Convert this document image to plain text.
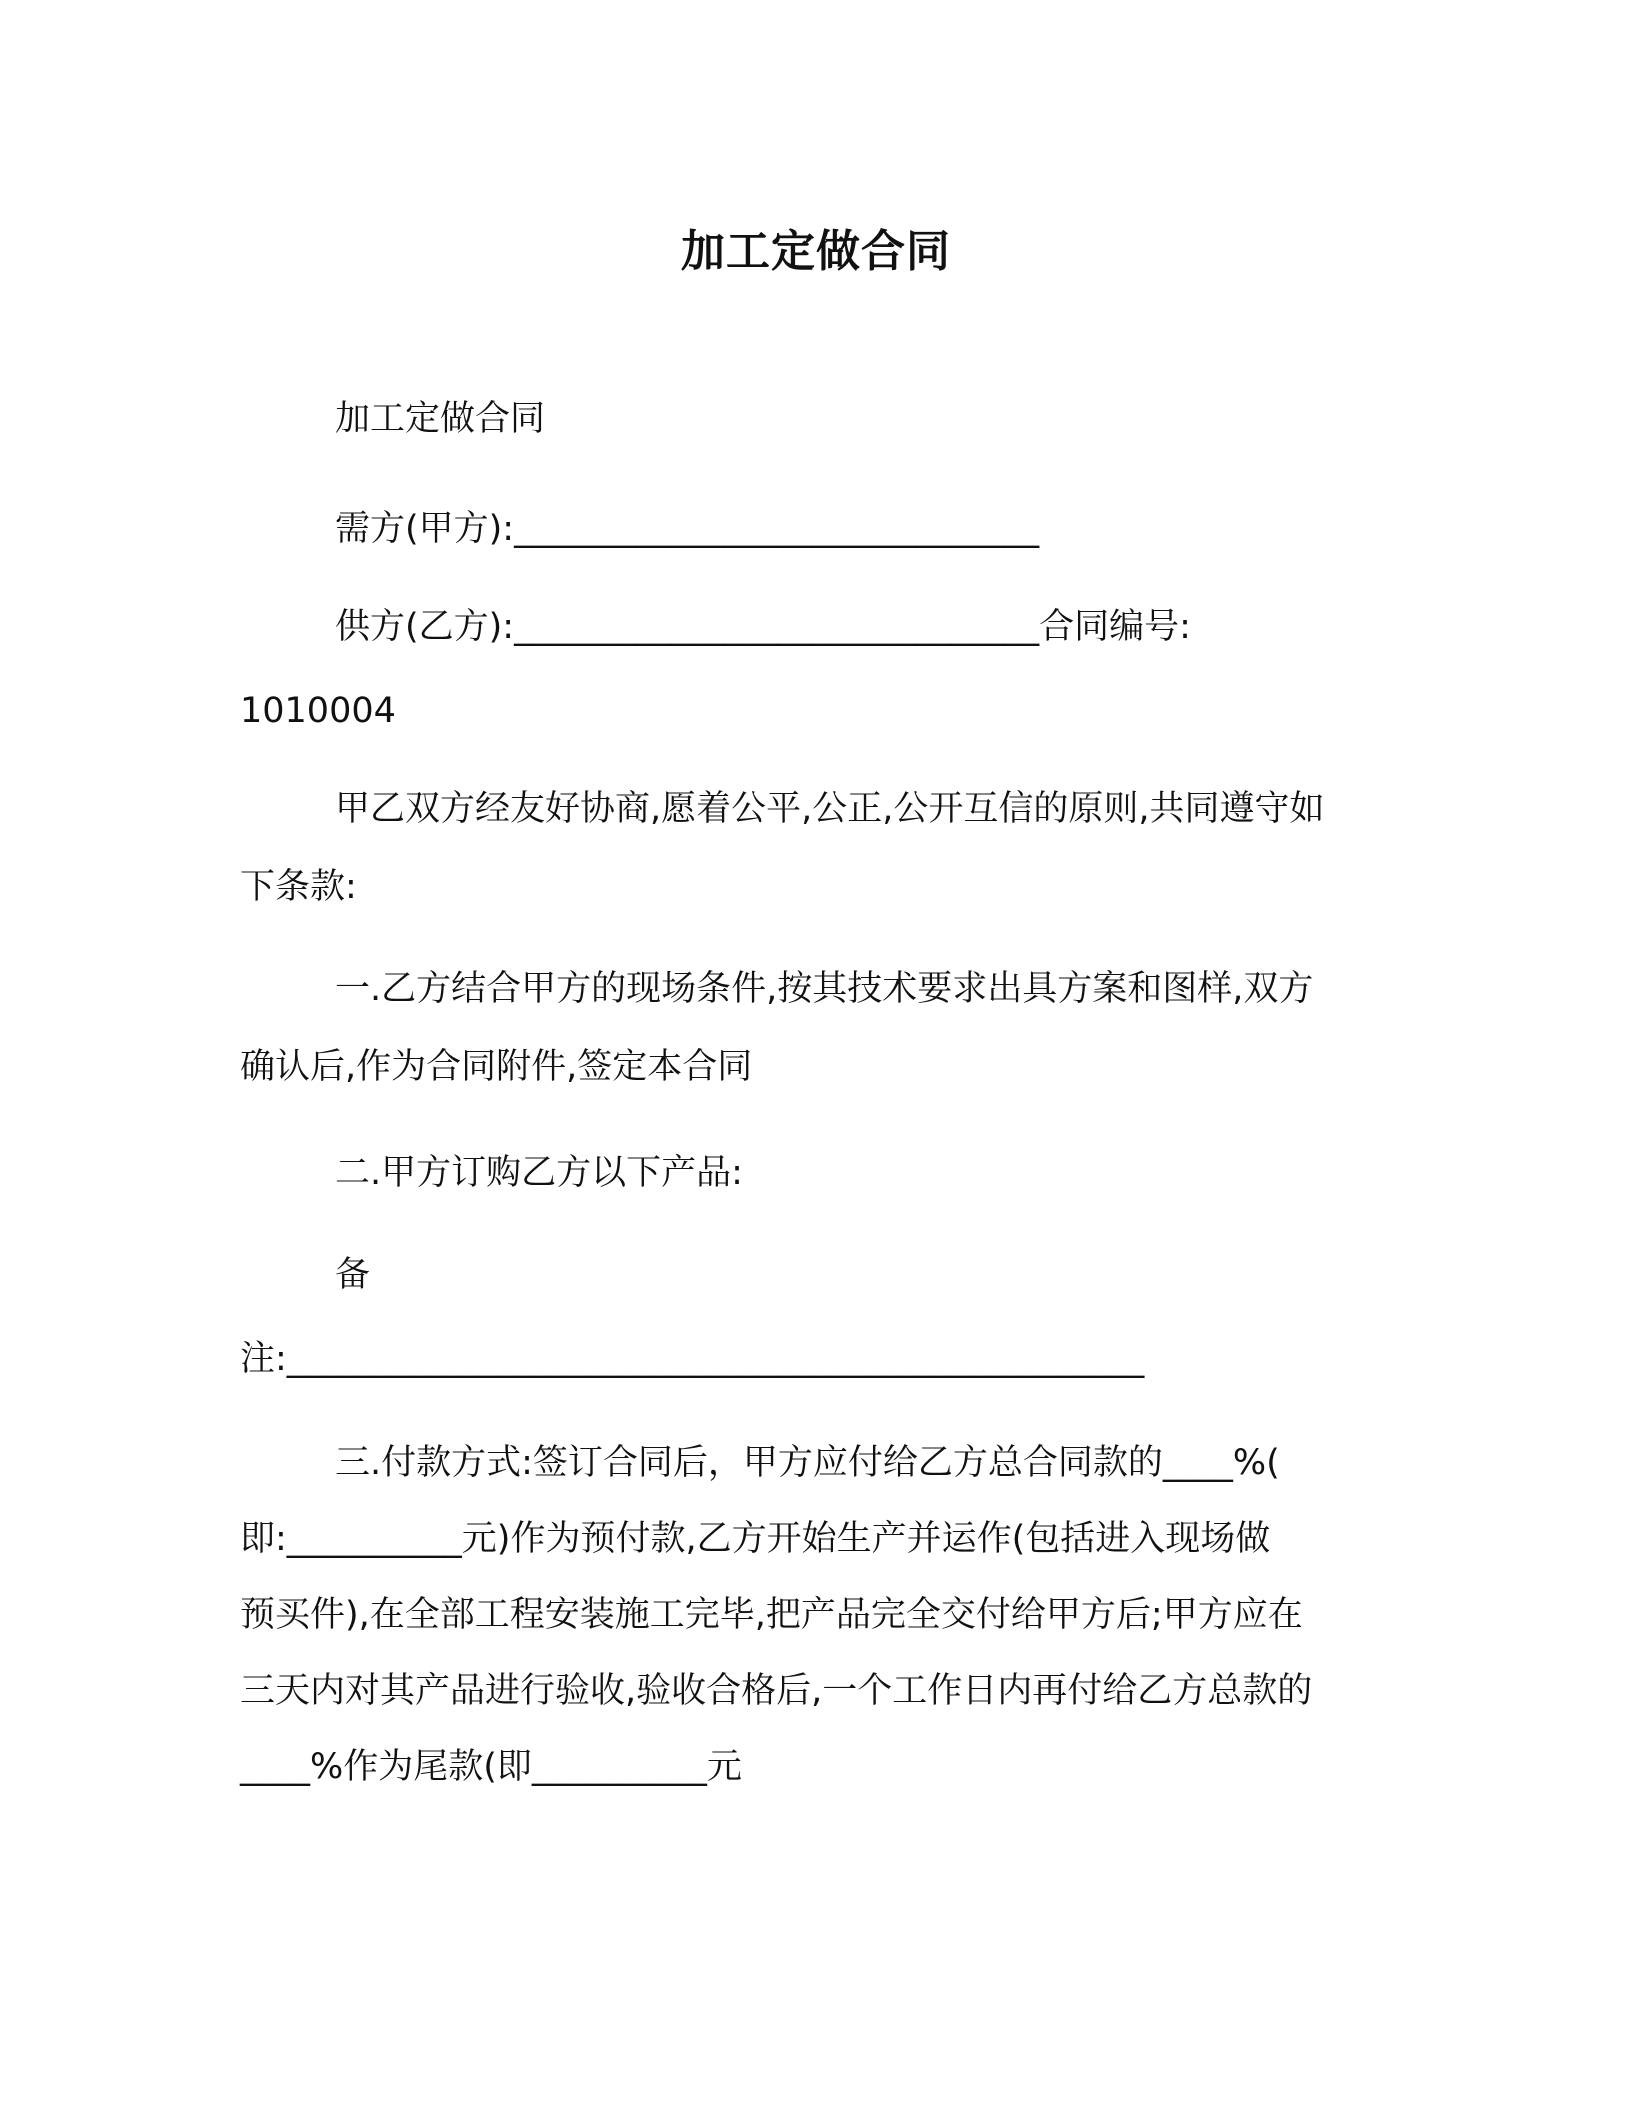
加工定做合同
加工定做合同
需方(甲方):______________________________
供方(乙方):______________________________合同编号:
1010004
甲乙双方经友好协商,愿着公平,公正,公开互信的原则,共同遵守如
下条款:
一.乙方结合甲方的现场条件,按其技术要求出具方案和图样,双方
确认后,作为合同附件,签定本合同
二.甲方订购乙方以下产品:
备
注:_________________________________________________
三.付款方式:签订合同后，甲方应付给乙方总合同款的____%(
即:__________元)作为预付款,乙方开始生产并运作(包括进入现场做
预买件),在全部工程安装施工完毕,把产品完全交付给甲方后;甲方应在
三天内对其产品进行验收,验收合格后,一个工作日内再付给乙方总款的
____%作为尾款(即__________元
